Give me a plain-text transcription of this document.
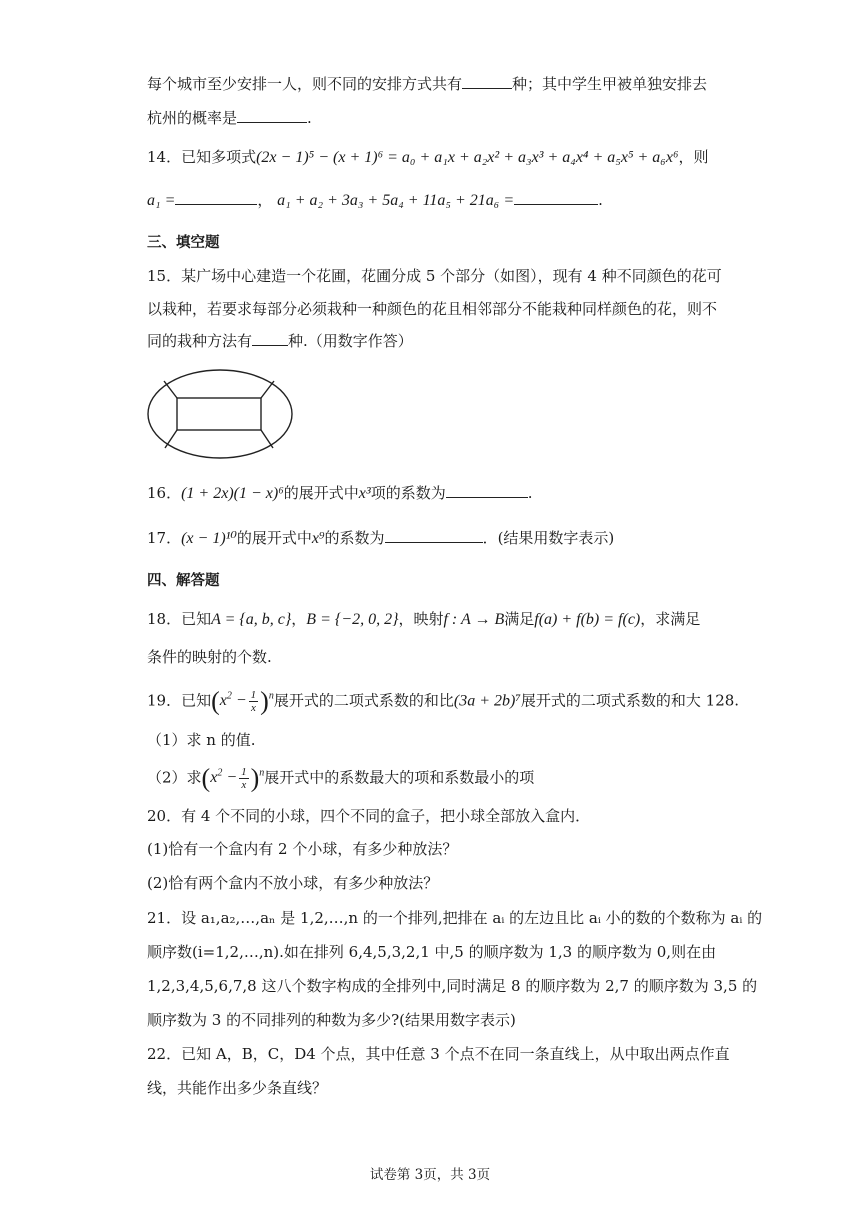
每个城市至少安排一人，则不同的安排方式共有	种；其中学生甲被单独安排去
杭州的概率是	.
14．已知多项式(2x − 1)⁵ − (x + 1)⁶ = a₀ + a₁x + a₂x² + a₃x³ + a₄x⁴ + a₅x⁵ + a₆x⁶，则
a₁ =	， a₁ + a₂ + 3a₃ + 5a₄ + 11a₅ + 21a₆ =	.
三、填空题
15．某广场中心建造一个花圃，花圃分成 5 个部分（如图），现有 4 种不同颜色的花可
以栽种，若要求每部分必须栽种一种颜色的花且相邻部分不能栽种同样颜色的花，则不
同的栽种方法有 种.（用数字作答）
16．(1 + 2x)(1 − x)⁶的展开式中x³项的系数为	.
17．(x − 1)¹⁰的展开式中x⁹的系数为	．(结果用数字表示)
四、解答题
18．已知A = {a, b, c}，B = {−2, 0, 2}，映射f : A → B满足f(a) + f(b) = f(c)，求满足
条件的映射的个数.
19．已知$(x^2 - \frac{1}{x} )^n$展开式的二项式系数的和比(3a + 2b)⁷展开式的二项式系数的和大 128.
（1）求 n 的值.
（2）求$(x^2 - \frac{1}{x} )^n$展开式中的系数最大的项和系数最小的项
20．有 4 个不同的小球，四个不同的盒子，把小球全部放入盒内．
(1)恰有一个盒内有 2 个小球，有多少种放法？
(2)恰有两个盒内不放小球，有多少种放法？
21．设 a₁,a₂,…,aₙ 是 1,2,…,n 的一个排列,把排在 aᵢ 的左边且比 aᵢ 小的数的个数称为 aᵢ 的
顺序数(i=1,2,…,n).如在排列 6,4,5,3,2,1 中,5 的顺序数为 1,3 的顺序数为 0,则在由
1,2,3,4,5,6,7,8 这八个数字构成的全排列中,同时满足 8 的顺序数为 2,7 的顺序数为 3,5 的
顺序数为 3 的不同排列的种数为多少?(结果用数字表示)
22．已知 A，B，C，D4 个点，其中任意 3 个点不在同一条直线上，从中取出两点作直
线，共能作出多少条直线？
试卷第 3页，共 3页
